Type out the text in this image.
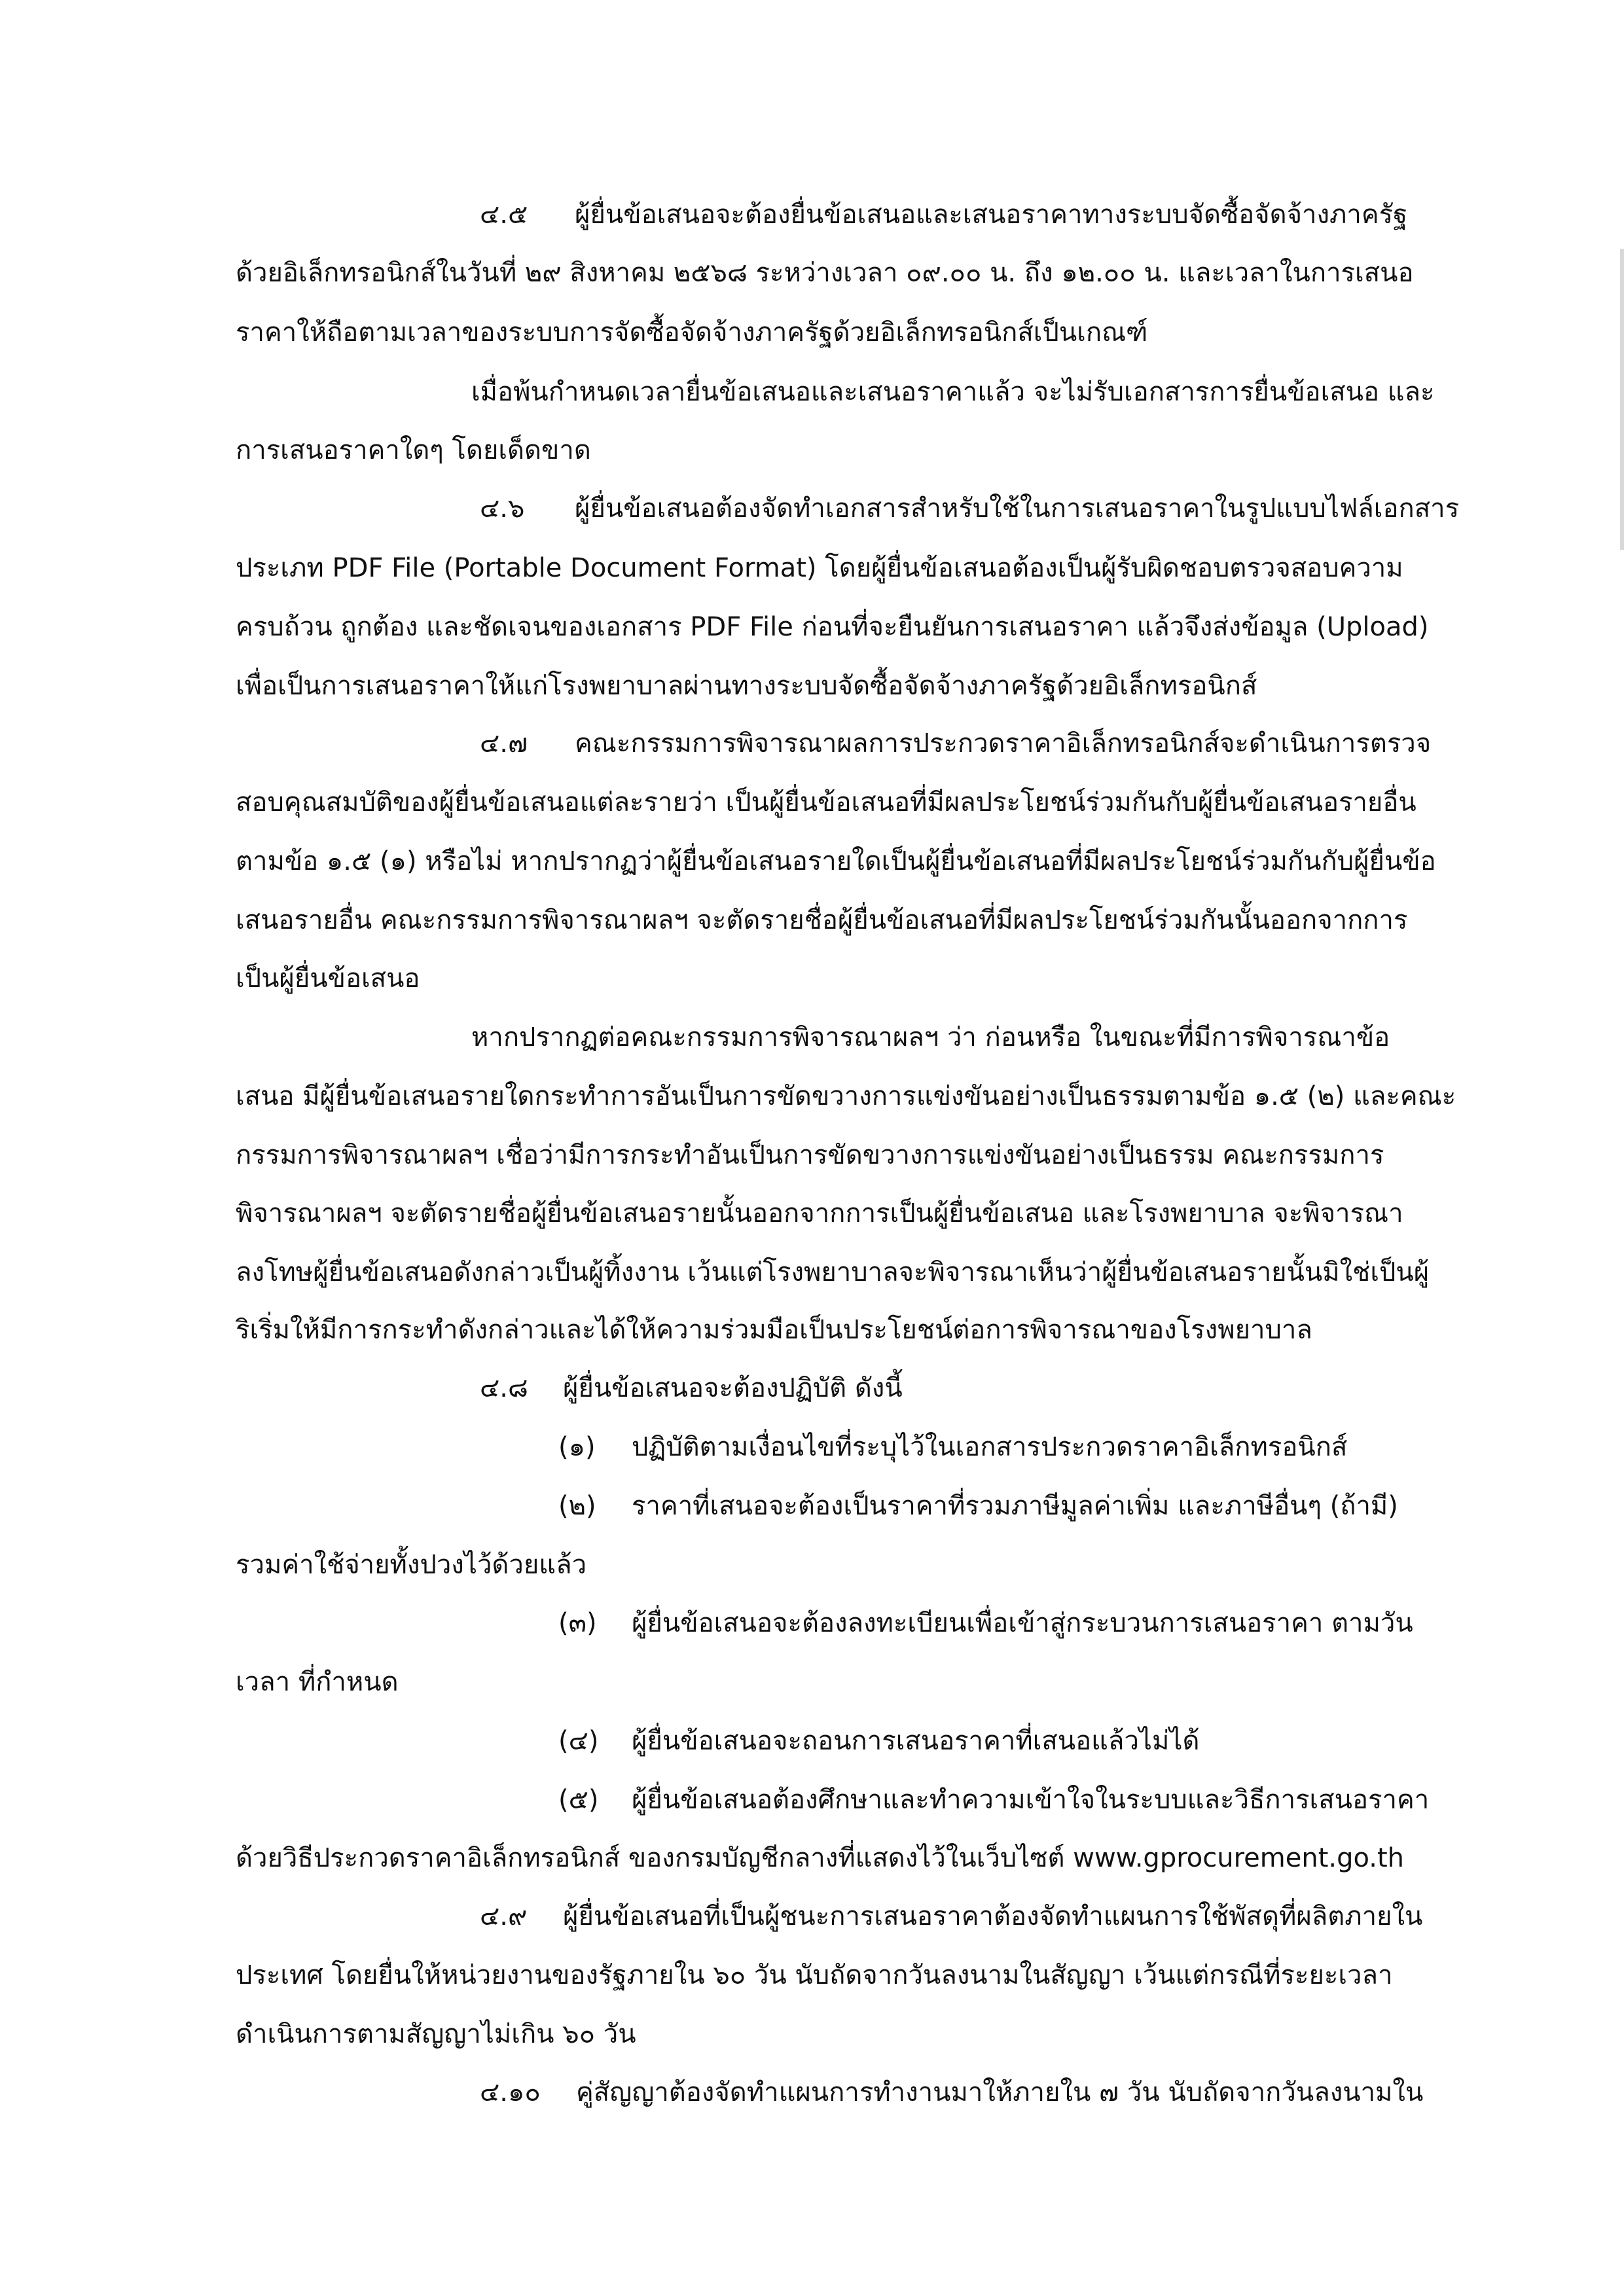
๔.๕ ผู้ยื่นข้อเสนอจะต้องยื่นข้อเสนอและเสนอราคาทางระบบจัดซื้อจัดจ้างภาครัฐ
ด้วยอิเล็กทรอนิกส์ในวันที่ ๒๙ สิงหาคม ๒๕๖๘ ระหว่างเวลา ๐๙.๐๐ น. ถึง ๑๒.๐๐ น. และเวลาในการเสนอ
ราคาให้ถือตามเวลาของระบบการจัดซื้อจัดจ้างภาครัฐด้วยอิเล็กทรอนิกส์เป็นเกณฑ์
เมื่อพ้นกำหนดเวลายื่นข้อเสนอและเสนอราคาแล้ว จะไม่รับเอกสารการยื่นข้อเสนอ และ
การเสนอราคาใดๆ โดยเด็ดขาด
๔.๖ ผู้ยื่นข้อเสนอต้องจัดทำเอกสารสำหรับใช้ในการเสนอราคาในรูปแบบไฟล์เอกสาร
ประเภท PDF File (Portable Document Format) โดยผู้ยื่นข้อเสนอต้องเป็นผู้รับผิดชอบตรวจสอบความ
ครบถ้วน ถูกต้อง และชัดเจนของเอกสาร PDF File ก่อนที่จะยืนยันการเสนอราคา แล้วจึงส่งข้อมูล (Upload)
เพื่อเป็นการเสนอราคาให้แก่โรงพยาบาลผ่านทางระบบจัดซื้อจัดจ้างภาครัฐด้วยอิเล็กทรอนิกส์
๔.๗ คณะกรรมการพิจารณาผลการประกวดราคาอิเล็กทรอนิกส์จะดำเนินการตรวจ
สอบคุณสมบัติของผู้ยื่นข้อเสนอแต่ละรายว่า เป็นผู้ยื่นข้อเสนอที่มีผลประโยชน์ร่วมกันกับผู้ยื่นข้อเสนอรายอื่น
ตามข้อ ๑.๕ (๑) หรือไม่ หากปรากฏว่าผู้ยื่นข้อเสนอรายใดเป็นผู้ยื่นข้อเสนอที่มีผลประโยชน์ร่วมกันกับผู้ยื่นข้อ
เสนอรายอื่น คณะกรรมการพิจารณาผลฯ จะตัดรายชื่อผู้ยื่นข้อเสนอที่มีผลประโยชน์ร่วมกันนั้นออกจากการ
เป็นผู้ยื่นข้อเสนอ
หากปรากฏต่อคณะกรรมการพิจารณาผลฯ ว่า ก่อนหรือ ในขณะที่มีการพิจารณาข้อ
เสนอ มีผู้ยื่นข้อเสนอรายใดกระทำการอันเป็นการขัดขวางการแข่งขันอย่างเป็นธรรมตามข้อ ๑.๕ (๒) และคณะ
กรรมการพิจารณาผลฯ เชื่อว่ามีการกระทำอันเป็นการขัดขวางการแข่งขันอย่างเป็นธรรม คณะกรรมการ
พิจารณาผลฯ จะตัดรายชื่อผู้ยื่นข้อเสนอรายนั้นออกจากการเป็นผู้ยื่นข้อเสนอ และโรงพยาบาล จะพิจารณา
ลงโทษผู้ยื่นข้อเสนอดังกล่าวเป็นผู้ทิ้งงาน เว้นแต่โรงพยาบาลจะพิจารณาเห็นว่าผู้ยื่นข้อเสนอรายนั้นมิใช่เป็นผู้
ริเริ่มให้มีการกระทำดังกล่าวและได้ให้ความร่วมมือเป็นประโยชน์ต่อการพิจารณาของโรงพยาบาล
๔.๘ ผู้ยื่นข้อเสนอจะต้องปฏิบัติ ดังนี้
(๑) ปฏิบัติตามเงื่อนไขที่ระบุไว้ในเอกสารประกวดราคาอิเล็กทรอนิกส์
(๒) ราคาที่เสนอจะต้องเป็นราคาที่รวมภาษีมูลค่าเพิ่ม และภาษีอื่นๆ (ถ้ามี)
รวมค่าใช้จ่ายทั้งปวงไว้ด้วยแล้ว
(๓) ผู้ยื่นข้อเสนอจะต้องลงทะเบียนเพื่อเข้าสู่กระบวนการเสนอราคา ตามวัน
เวลา ที่กำหนด
(๔) ผู้ยื่นข้อเสนอจะถอนการเสนอราคาที่เสนอแล้วไม่ได้
(๕) ผู้ยื่นข้อเสนอต้องศึกษาและทำความเข้าใจในระบบและวิธีการเสนอราคา
ด้วยวิธีประกวดราคาอิเล็กทรอนิกส์ ของกรมบัญชีกลางที่แสดงไว้ในเว็บไซต์ www.gprocurement.go.th
๔.๙ ผู้ยื่นข้อเสนอที่เป็นผู้ชนะการเสนอราคาต้องจัดทำแผนการใช้พัสดุที่ผลิตภายใน
ประเทศ โดยยื่นให้หน่วยงานของรัฐภายใน ๖๐ วัน นับถัดจากวันลงนามในสัญญา เว้นแต่กรณีที่ระยะเวลา
ดำเนินการตามสัญญาไม่เกิน ๖๐ วัน
๔.๑๐ คู่สัญญาต้องจัดทำแผนการทำงานมาให้ภายใน ๗ วัน นับถัดจากวันลงนามใน
